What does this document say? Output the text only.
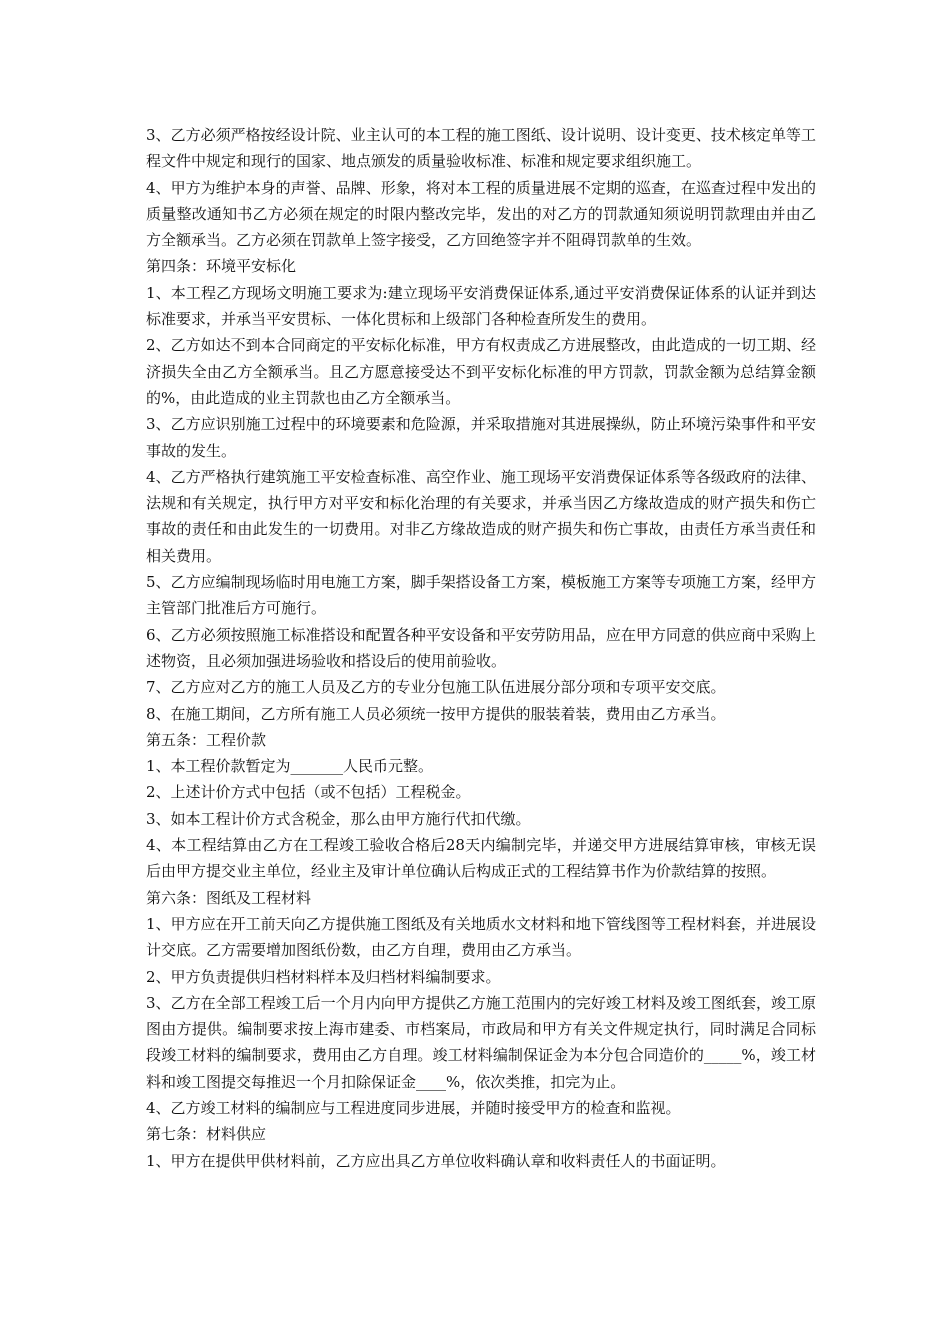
3、乙方必须严格按经设计院、业主认可的本工程的施工图纸、设计说明、设计变更、技术核定单等工程文件中规定和现行的国家、地点颁发的质量验收标准、标准和规定要求组织施工。

4、甲方为维护本身的声誉、品牌、形象，将对本工程的质量进展不定期的巡查，在巡查过程中发出的质量整改通知书乙方必须在规定的时限内整改完毕，发出的对乙方的罚款通知须说明罚款理由并由乙方全额承当。乙方必须在罚款单上签字接受，乙方回绝签字并不阻碍罚款单的生效。

第四条：环境平安标化

1、本工程乙方现场文明施工要求为:建立现场平安消费保证体系,通过平安消费保证体系的认证并到达标准要求，并承当平安贯标、一体化贯标和上级部门各种检查所发生的费用。

2、乙方如达不到本合同商定的平安标化标准，甲方有权责成乙方进展整改，由此造成的一切工期、经济损失全由乙方全额承当。且乙方愿意接受达不到平安标化标准的甲方罚款，罚款金额为总结算金额的%，由此造成的业主罚款也由乙方全额承当。

3、乙方应识别施工过程中的环境要素和危险源，并采取措施对其进展操纵，防止环境污染事件和平安事故的发生。

4、乙方严格执行建筑施工平安检查标准、高空作业、施工现场平安消费保证体系等各级政府的法律、法规和有关规定，执行甲方对平安和标化治理的有关要求，并承当因乙方缘故造成的财产损失和伤亡事故的责任和由此发生的一切费用。对非乙方缘故造成的财产损失和伤亡事故，由责任方承当责任和相关费用。

5、乙方应编制现场临时用电施工方案，脚手架搭设备工方案，模板施工方案等专项施工方案，经甲方主管部门批准后方可施行。

6、乙方必须按照施工标准搭设和配置各种平安设备和平安劳防用品，应在甲方同意的供应商中采购上述物资，且必须加强进场验收和搭设后的使用前验收。

7、乙方应对乙方的施工人员及乙方的专业分包施工队伍进展分部分项和专项平安交底。

8、在施工期间，乙方所有施工人员必须统一按甲方提供的服装着装，费用由乙方承当。

第五条：工程价款

1、本工程价款暂定为_______人民币元整。

2、上述计价方式中包括（或不包括）工程税金。

3、如本工程计价方式含税金，那么由甲方施行代扣代缴。

4、本工程结算由乙方在工程竣工验收合格后28天内编制完毕，并递交甲方进展结算审核，审核无误后由甲方提交业主单位，经业主及审计单位确认后构成正式的工程结算书作为价款结算的按照。

第六条：图纸及工程材料

1、甲方应在开工前天向乙方提供施工图纸及有关地质水文材料和地下管线图等工程材料套，并进展设计交底。乙方需要增加图纸份数，由乙方自理，费用由乙方承当。

2、甲方负责提供归档材料样本及归档材料编制要求。

3、乙方在全部工程竣工后一个月内向甲方提供乙方施工范围内的完好竣工材料及竣工图纸套，竣工原图由方提供。编制要求按上海市建委、市档案局，市政局和甲方有关文件规定执行，同时满足合同标段竣工材料的编制要求，费用由乙方自理。竣工材料编制保证金为本分包合同造价的_____%，竣工材料和竣工图提交每推迟一个月扣除保证金____%，依次类推，扣完为止。

4、乙方竣工材料的编制应与工程进度同步进展，并随时接受甲方的检查和监视。

第七条：材料供应

1、甲方在提供甲供材料前，乙方应出具乙方单位收料确认章和收料责任人的书面证明。
